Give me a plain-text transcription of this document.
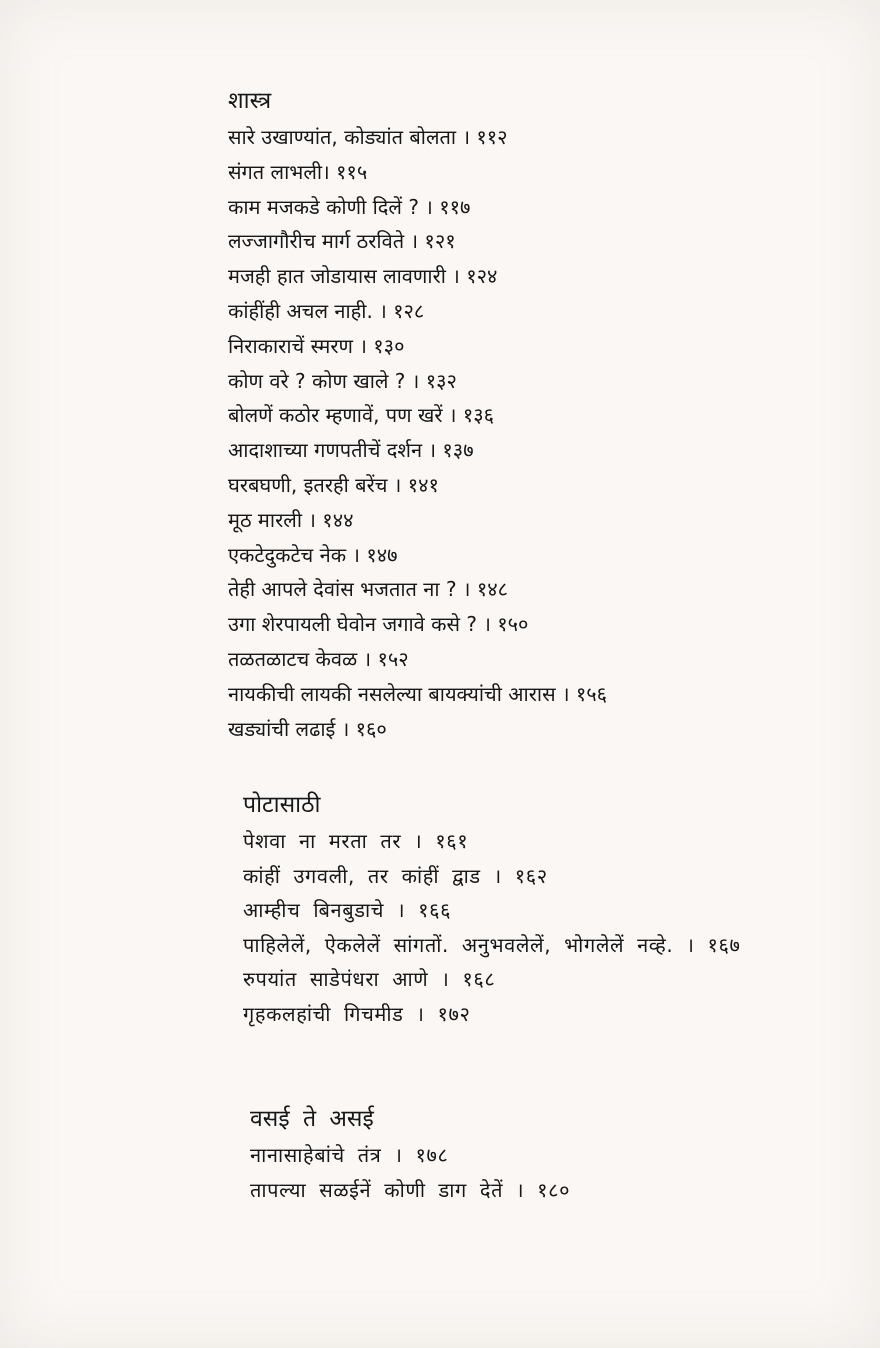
शास्त्र
सारे उखाण्यांत, कोड्यांत बोलता । ११२
संगत लाभली। ११५
काम मजकडे कोणी दिलें ? । ११७
लज्जागौरीच मार्ग ठरविते । १२१
मजही हात जोडायास लावणारी । १२४
कांहींही अचल नाही. । १२८
निराकाराचें स्मरण । १३०
कोण वरे ? कोण खाले ? । १३२
बोलणें कठोर म्हणावें, पण खरें । १३६
आदाशाच्या गणपतीचें दर्शन । १३७
घरबघणी, इतरही बरेंच । १४१
मूठ मारली । १४४
एकटेदुकटेच नेक । १४७
तेही आपले देवांस भजतात ना ? । १४८
उगा शेरपायली घेवोन जगावे कसे ? । १५०
तळतळाटच केवळ । १५२
नायकीची लायकी नसलेल्या बायक्यांची आरास । १५६
खड्यांची लढाई । १६०
पोटासाठी
पेशवा ना मरता तर । १६१
कांहीं उगवली, तर कांहीं द्वाड । १६२
आम्हीच बिनबुडाचे । १६६
पाहिलेलें, ऐकलेलें सांगतों. अनुभवलेलें, भोगलेलें नव्हे. । १६७
रुपयांत साडेपंधरा आणे । १६८
गृहकलहांची गिचमीड । १७२
वसई ते असई
नानासाहेबांचे तंत्र । १७८
तापल्या सळईनें कोणी डाग देतें । १८०
